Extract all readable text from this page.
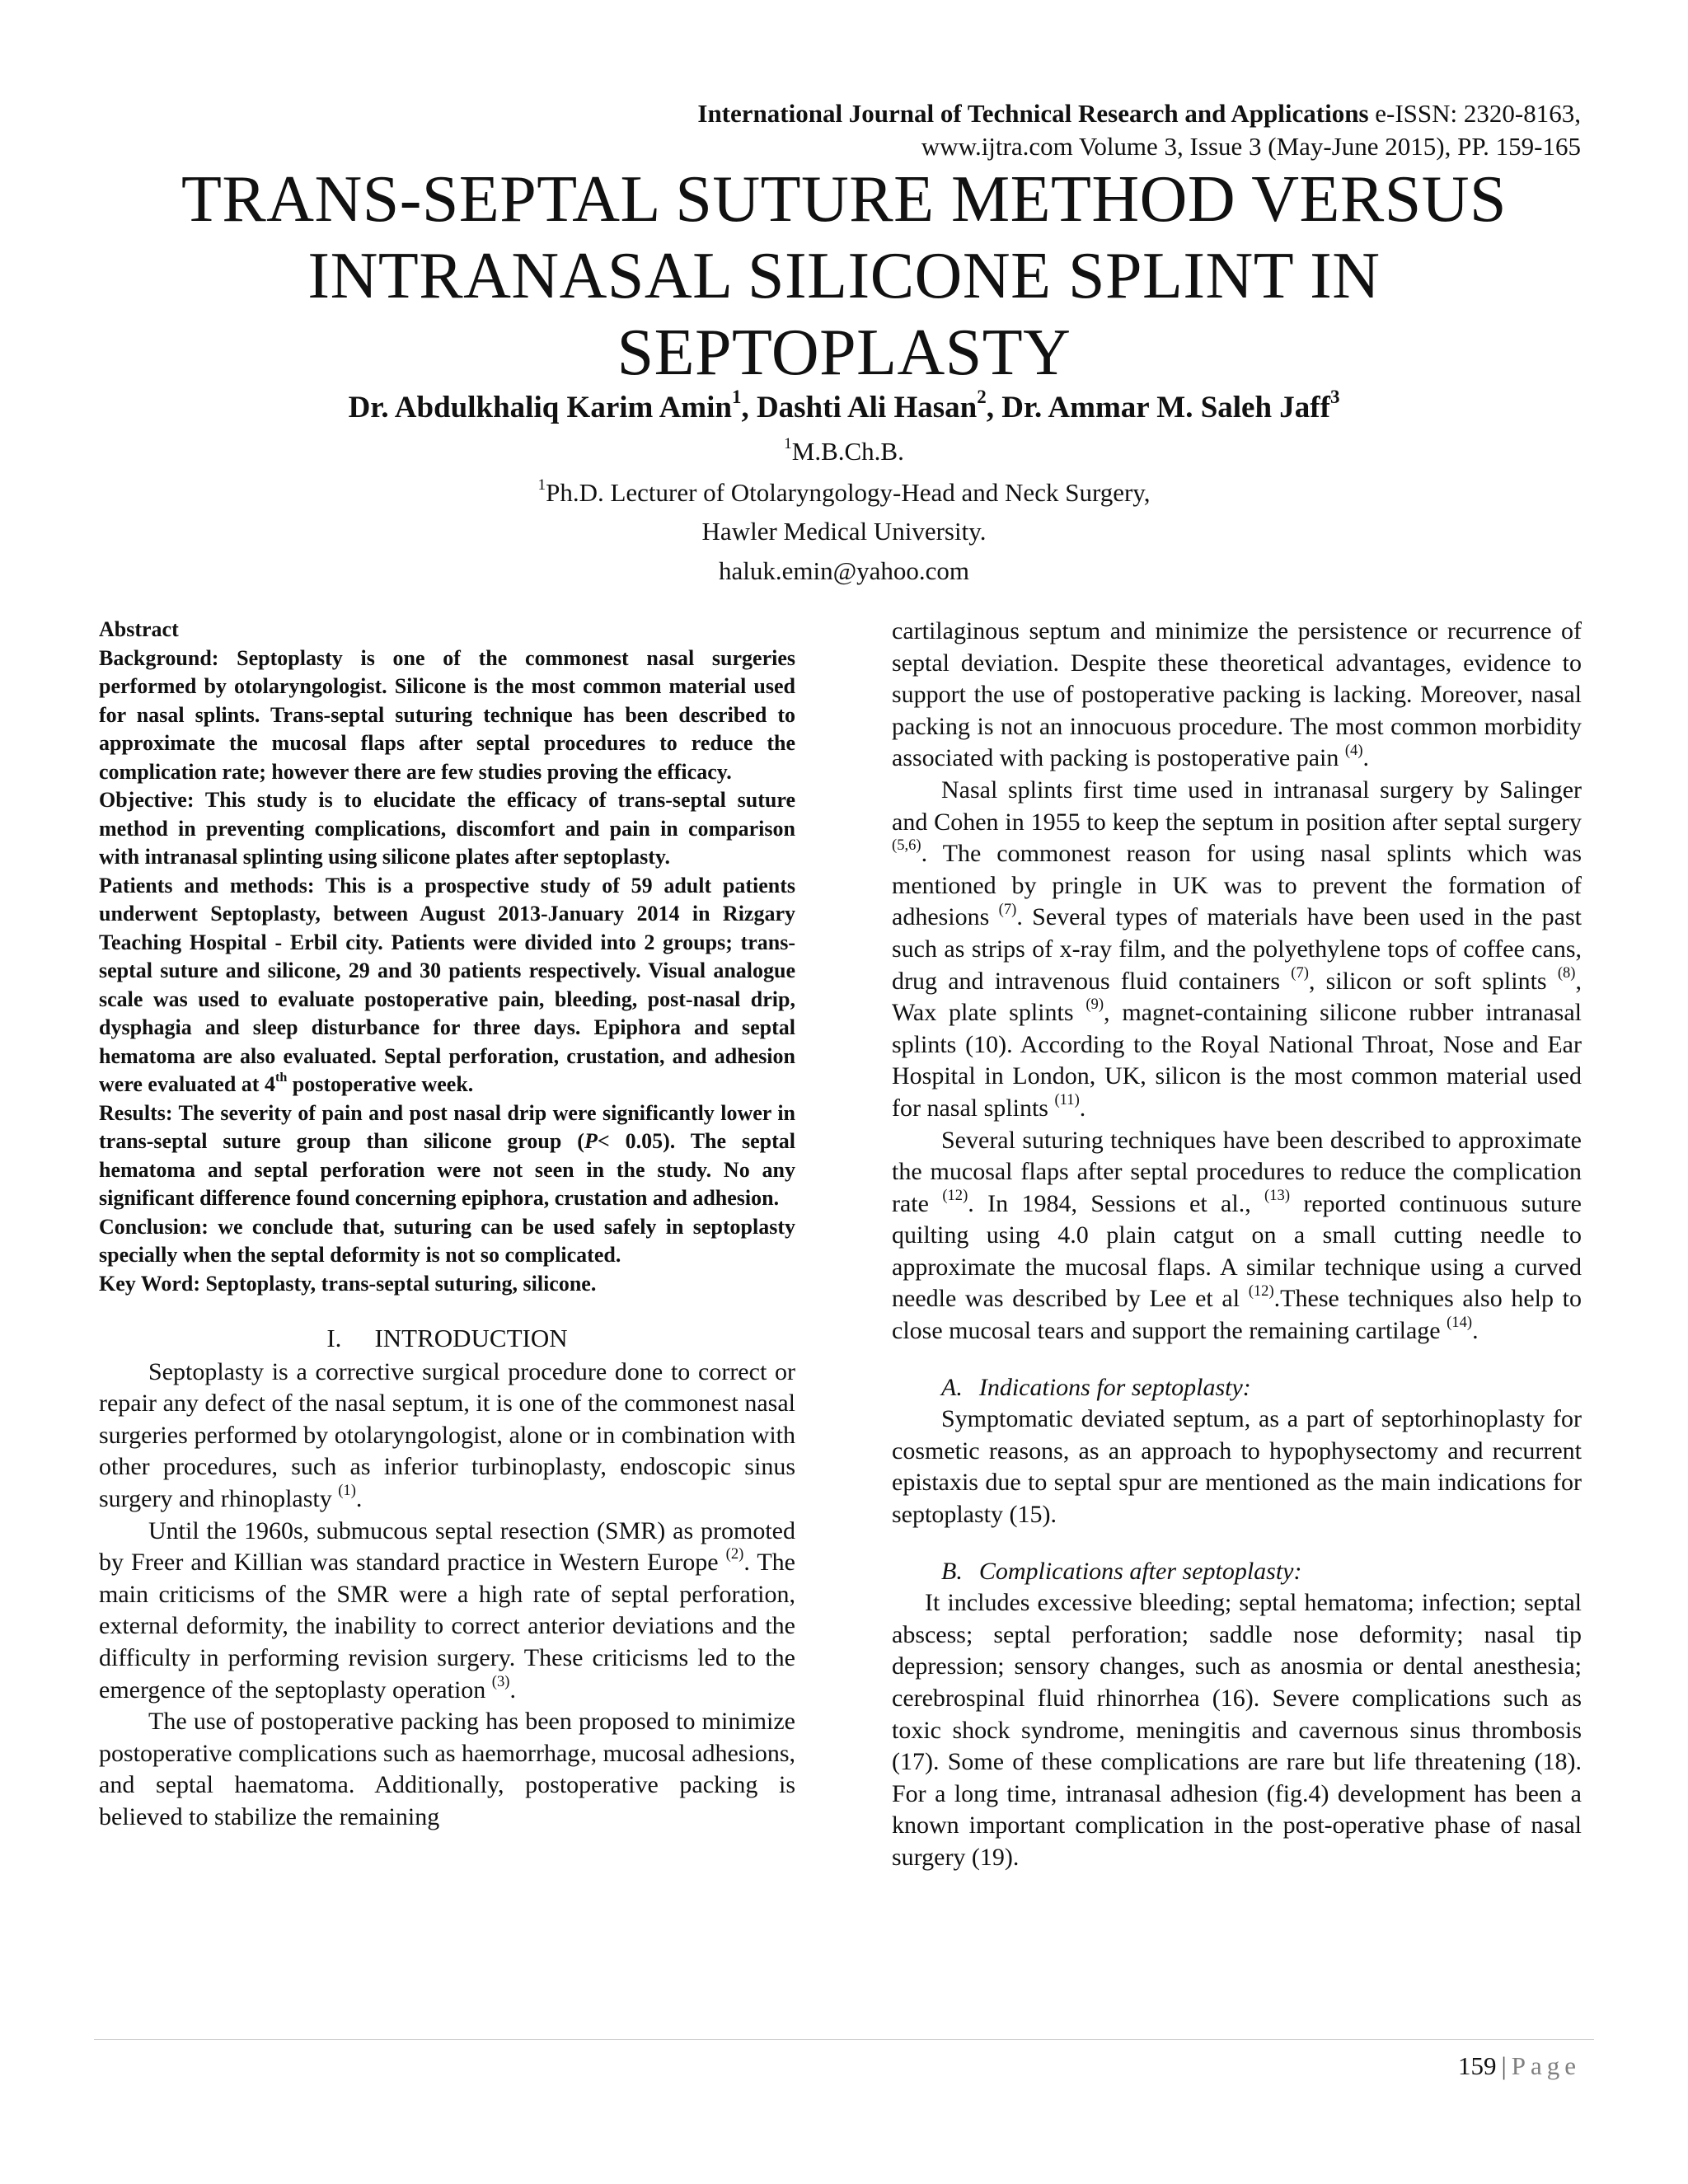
International Journal of Technical Research and Applications e-ISSN: 2320-8163,
www.ijtra.com Volume 3, Issue 3 (May-June 2015), PP. 159-165
TRANS-SEPTAL SUTURE METHOD VERSUS
INTRANASAL SILICONE SPLINT IN
SEPTOPLASTY
Dr. Abdulkhaliq Karim Amin$^1$, Dashti Ali Hasan$^2$, Dr. Ammar M. Saleh Jaff$^3$
$^1$M.B.Ch.B.
$^1$Ph.D. Lecturer of Otolaryngology-Head and Neck Surgery,
Hawler Medical University.
haluk.emin@yahoo.com

Abstract

Background: Septoplasty is one of the commonest nasal surgeries performed by otolaryngologist. Silicone is the most common material used for nasal splints. Trans-septal suturing technique has been described to approximate the mucosal flaps after septal procedures to reduce the complication rate; however there are few studies proving the efficacy.

Objective: This study is to elucidate the efficacy of trans-septal suture method in preventing complications, discomfort and pain in comparison with intranasal splinting using silicone plates after septoplasty.

Patients and methods: This is a prospective study of 59 adult patients underwent Septoplasty, between August 2013-January 2014 in Rizgary Teaching Hospital - Erbil city. Patients were divided into 2 groups; trans-septal suture and silicone, 29 and 30 patients respectively. Visual analogue scale was used to evaluate postoperative pain, bleeding, post-nasal drip, dysphagia and sleep disturbance for three days. Epiphora and septal hematoma are also evaluated. Septal perforation, crustation, and adhesion were evaluated at 4th postoperative week.

Results: The severity of pain and post nasal drip were significantly lower in trans-septal suture group than silicone group (P< 0.05). The septal hematoma and septal perforation were not seen in the study. No any significant difference found concerning epiphora, crustation and adhesion.

Conclusion: we conclude that, suturing can be used safely in septoplasty specially when the septal deformity is not so complicated.

Key Word: Septoplasty, trans-septal suturing, silicone.

I. INTRODUCTION

Septoplasty is a corrective surgical procedure done to correct or repair any defect of the nasal septum, it is one of the commonest nasal surgeries performed by otolaryngologist, alone or in combination with other procedures, such as inferior turbinoplasty, endoscopic sinus surgery and rhinoplasty $^{(1)}$.

Until the 1960s, submucous septal resection (SMR) as promoted by Freer and Killian was standard practice in Western Europe $^{(2)}$. The main criticisms of the SMR were a high rate of septal perforation, external deformity, the inability to correct anterior deviations and the difficulty in performing revision surgery. These criticisms led to the emergence of the septoplasty operation $^{(3)}$.

The use of postoperative packing has been proposed to minimize postoperative complications such as haemorrhage, mucosal adhesions, and septal haematoma. Additionally, postoperative packing is believed to stabilize the remaining

cartilaginous septum and minimize the persistence or recurrence of septal deviation. Despite these theoretical advantages, evidence to support the use of postoperative packing is lacking. Moreover, nasal packing is not an innocuous procedure. The most common morbidity associated with packing is postoperative pain $^{(4)}$.

Nasal splints first time used in intranasal surgery by Salinger and Cohen in 1955 to keep the septum in position after septal surgery $^{(5,6)}$. The commonest reason for using nasal splints which was mentioned by pringle in UK was to prevent the formation of adhesions $^{(7)}$. Several types of materials have been used in the past such as strips of x-ray film, and the polyethylene tops of coffee cans, drug and intravenous fluid containers $^{(7)}$, silicon or soft splints $^{(8)}$, Wax plate splints $^{(9)}$, magnet-containing silicone rubber intranasal splints (10). According to the Royal National Throat, Nose and Ear Hospital in London, UK, silicon is the most common material used for nasal splints $^{(11)}$.

Several suturing techniques have been described to approximate the mucosal flaps after septal procedures to reduce the complication rate $^{(12)}$. In 1984, Sessions et al., $^{(13)}$ reported continuous suture quilting using 4.0 plain catgut on a small cutting needle to approximate the mucosal flaps. A similar technique using a curved needle was described by Lee et al $^{(12)}$.These techniques also help to close mucosal tears and support the remaining cartilage $^{(14)}$.

A. Indications for septoplasty:

Symptomatic deviated septum, as a part of septorhinoplasty for cosmetic reasons, as an approach to hypophysectomy and recurrent epistaxis due to septal spur are mentioned as the main indications for septoplasty (15).

B. Complications after septoplasty:

It includes excessive bleeding; septal hematoma; infection; septal abscess; septal perforation; saddle nose deformity; nasal tip depression; sensory changes, such as anosmia or dental anesthesia; cerebrospinal fluid rhinorrhea (16). Severe complications such as toxic shock syndrome, meningitis and cavernous sinus thrombosis (17). Some of these complications are rare but life threatening (18). For a long time, intranasal adhesion (fig.4) development has been a known important complication in the post-operative phase of nasal surgery (19).

159 | Page
